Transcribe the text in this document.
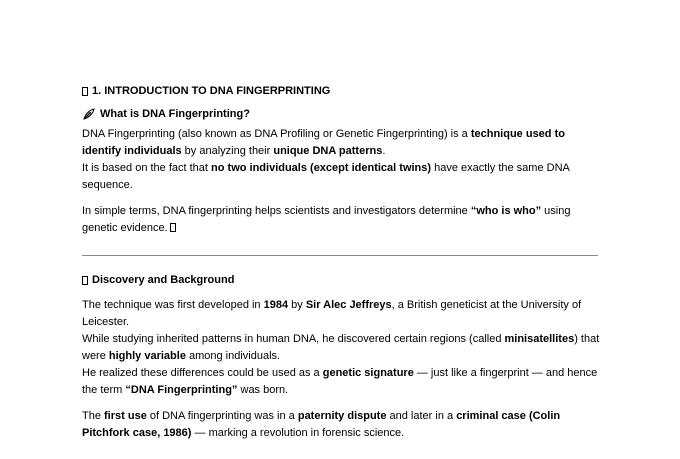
1. INTRODUCTION TO DNA FINGERPRINTING
What is DNA Fingerprinting?

DNA Fingerprinting (also known as DNA Profiling or Genetic Fingerprinting) is a technique used to identify individuals by analyzing their unique DNA patterns.
It is based on the fact that no two individuals (except identical twins) have exactly the same DNA sequence.

In simple terms, DNA fingerprinting helps scientists and investigators determine “who is who” using genetic evidence.

Discovery and Background

The technique was first developed in 1984 by Sir Alec Jeffreys, a British geneticist at the University of Leicester.
While studying inherited patterns in human DNA, he discovered certain regions (called minisatellites) that were highly variable among individuals.
He realized these differences could be used as a genetic signature — just like a fingerprint — and hence the term “DNA Fingerprinting” was born.

The first use of DNA fingerprinting was in a paternity dispute and later in a criminal case (Colin Pitchfork case, 1986) — marking a revolution in forensic science.
